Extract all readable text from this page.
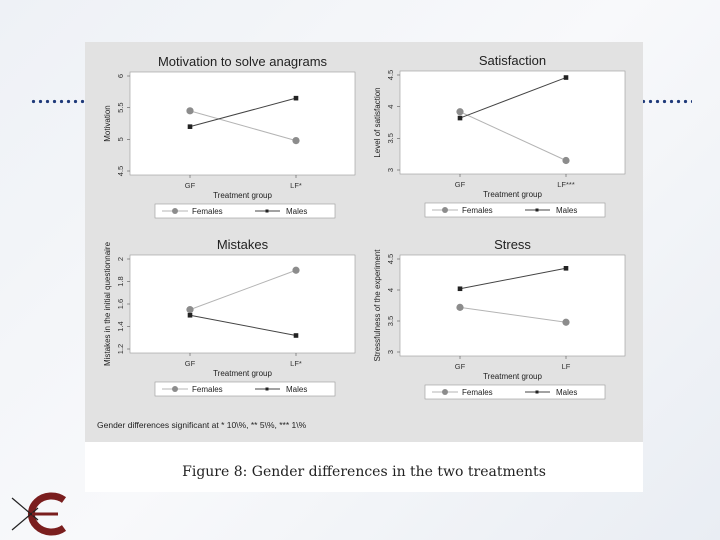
Motivation to solve anagrams
4.5
5
5.5
6
Motivation
GF	LF*
Treatment group
Females	Males
Satisfaction
3
3.5
4
4.5
Level of satisfaction
GF	LF***
Treatment group
Females	Males
Mistakes
1.2
1.4
1.6
1.8
2
Mistakes in the initial questionnaire	GF	LF*
Treatment group
Females	Males
Stress
3
3.5
4
4.5
Stressfulness of the experiment
GF	LF
Treatment group
Females	Males
Gender differences significant at * 10\%, ** 5\%, *** 1\%
Figure 8: Gender differences in the two treatments
